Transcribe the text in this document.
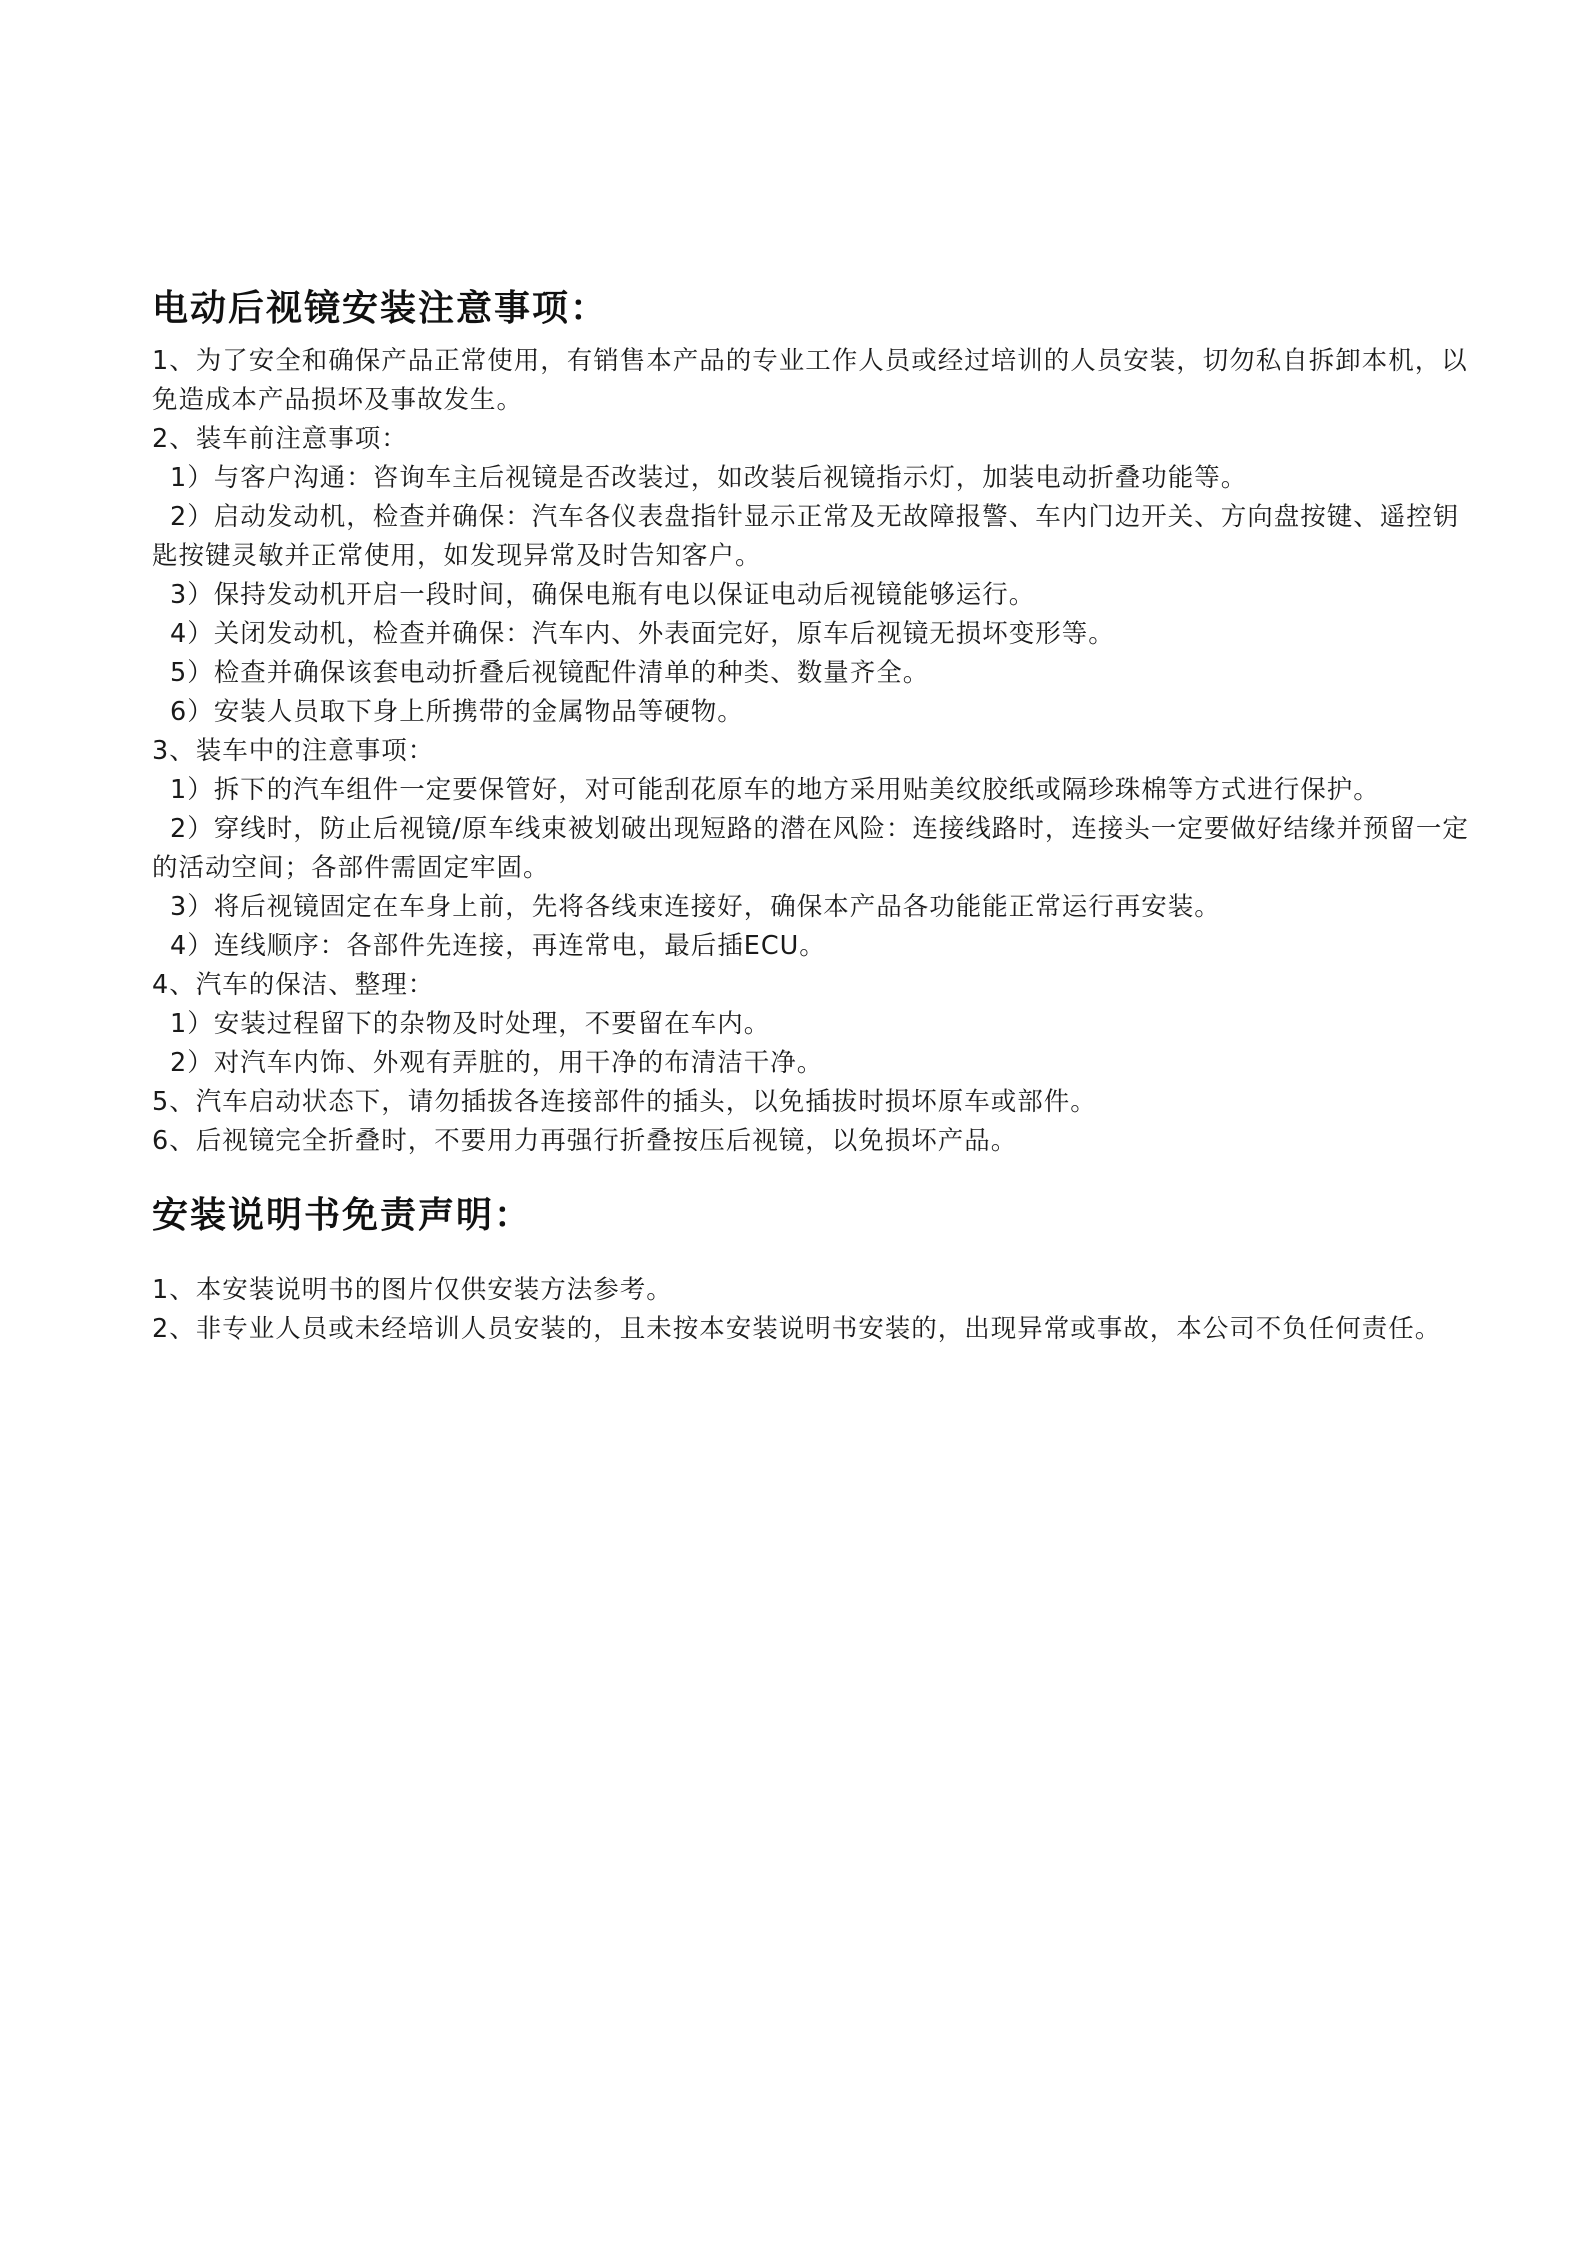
电动后视镜安装注意事项：

1、为了安全和确保产品正常使用，有销售本产品的专业工作人员或经过培训的人员安装，切勿私自拆卸本机，以免造成本产品损坏及事故发生。

2、装车前注意事项：

1）与客户沟通：咨询车主后视镜是否改装过，如改装后视镜指示灯，加装电动折叠功能等。

2）启动发动机，检查并确保：汽车各仪表盘指针显示正常及无故障报警、车内门边开关、方向盘按键、遥控钥匙按键灵敏并正常使用，如发现异常及时告知客户。

3）保持发动机开启一段时间，确保电瓶有电以保证电动后视镜能够运行。

4）关闭发动机，检查并确保：汽车内、外表面完好，原车后视镜无损坏变形等。

5）检查并确保该套电动折叠后视镜配件清单的种类、数量齐全。

6）安装人员取下身上所携带的金属物品等硬物。

3、装车中的注意事项：

1）拆下的汽车组件一定要保管好，对可能刮花原车的地方采用贴美纹胶纸或隔珍珠棉等方式进行保护。

2）穿线时，防止后视镜/原车线束被划破出现短路的潜在风险：连接线路时，连接头一定要做好结缘并预留一定的活动空间；各部件需固定牢固。

3）将后视镜固定在车身上前，先将各线束连接好，确保本产品各功能能正常运行再安装。

4）连线顺序：各部件先连接，再连常电，最后插ECU。

4、汽车的保洁、整理：

1）安装过程留下的杂物及时处理，不要留在车内。

2）对汽车内饰、外观有弄脏的，用干净的布清洁干净。

5、汽车启动状态下，请勿插拔各连接部件的插头，以免插拔时损坏原车或部件。

6、后视镜完全折叠时，不要用力再强行折叠按压后视镜，以免损坏产品。

安装说明书免责声明：

1、本安装说明书的图片仅供安装方法参考。

2、非专业人员或未经培训人员安装的，且未按本安装说明书安装的，出现异常或事故，本公司不负任何责任。
